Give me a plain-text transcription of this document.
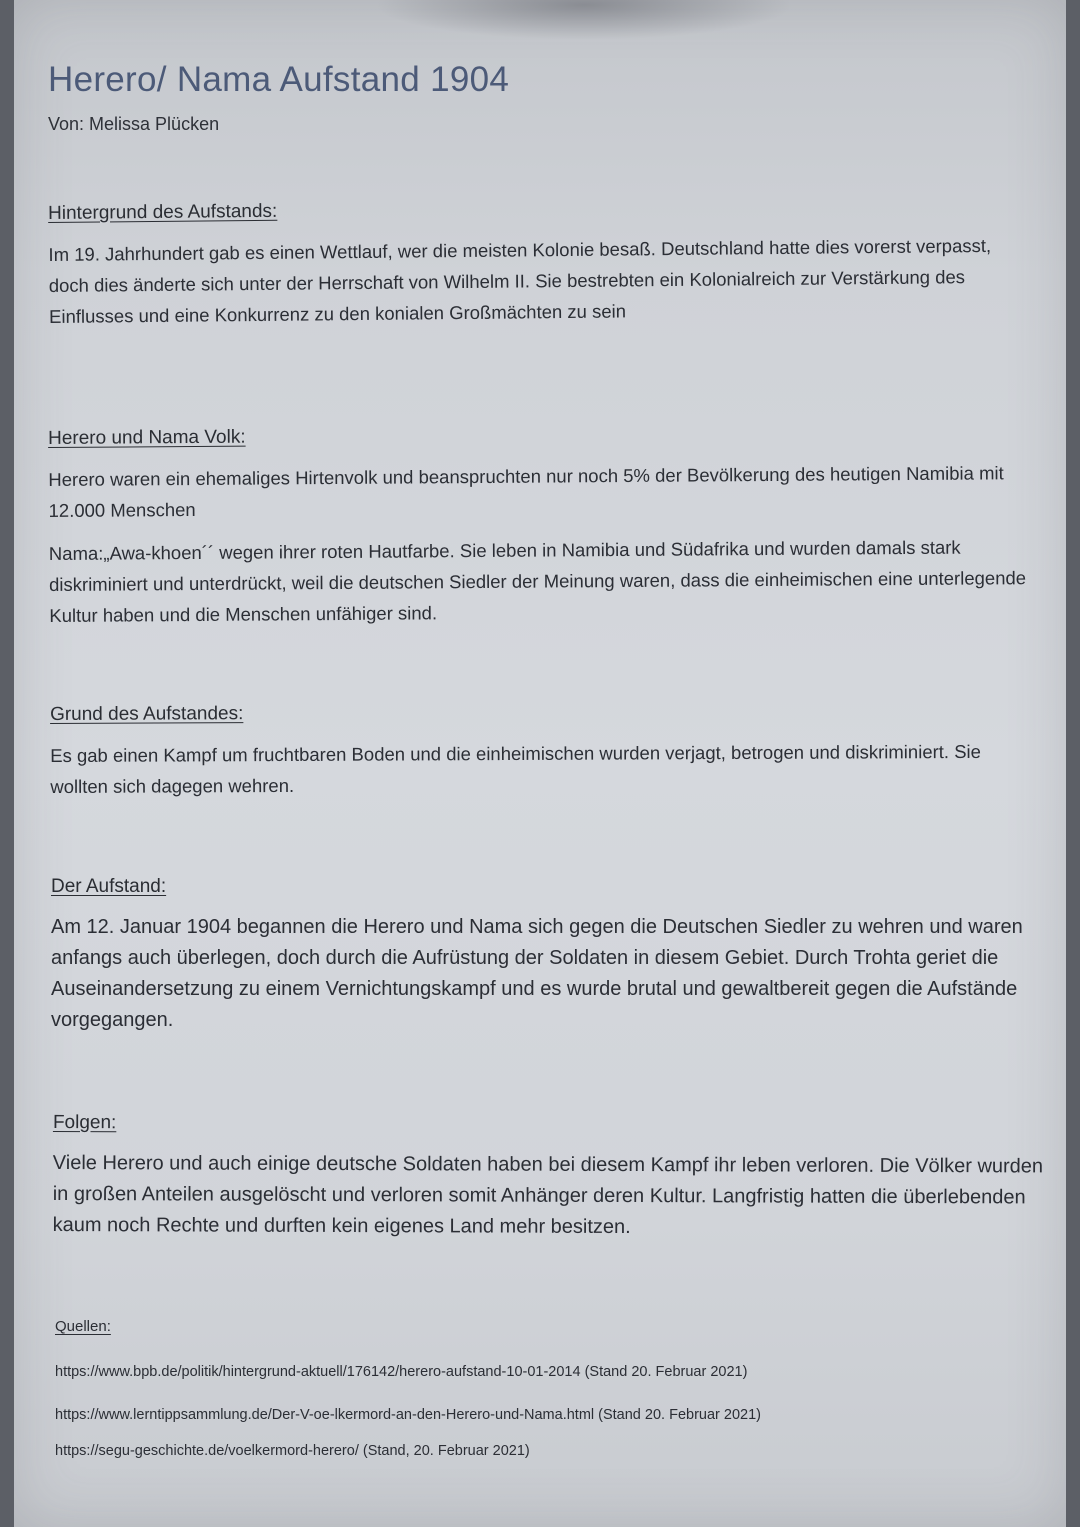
Herero/ Nama Aufstand 1904
Von: Melissa Plücken
Hintergrund des Aufstands:

Im 19. Jahrhundert gab es einen Wettlauf, wer die meisten Kolonie besaß. Deutschland hatte dies vorerst verpasst, doch dies änderte sich unter der Herrschaft von Wilhelm II. Sie bestrebten ein Kolonialreich zur Verstärkung des Einflusses und eine Konkurrenz zu den konialen Großmächten zu sein

Herero und Nama Volk:

Herero waren ein ehemaliges Hirtenvolk und beanspruchten nur noch 5% der Bevölkerung des heutigen Namibia mit 12.000 Menschen

Nama:„Awa-khoen´´ wegen ihrer roten Hautfarbe. Sie leben in Namibia und Südafrika und wurden damals stark diskriminiert und unterdrückt, weil die deutschen Siedler der Meinung waren, dass die einheimischen eine unterlegende Kultur haben und die Menschen unfähiger sind.

Grund des Aufstandes:

Es gab einen Kampf um fruchtbaren Boden und die einheimischen wurden verjagt, betrogen und diskriminiert. Sie wollten sich dagegen wehren.

Der Aufstand:

Am 12. Januar 1904 begannen die Herero und Nama sich gegen die Deutschen Siedler zu wehren und waren anfangs auch überlegen, doch durch die Aufrüstung der Soldaten in diesem Gebiet. Durch Trohta geriet die Auseinandersetzung zu einem Vernichtungskampf und es wurde brutal und gewaltbereit gegen die Aufstände vorgegangen.

Folgen:

Viele Herero und auch einige deutsche Soldaten haben bei diesem Kampf ihr leben verloren. Die Völker wurden in großen Anteilen ausgelöscht und verloren somit Anhänger deren Kultur. Langfristig hatten die überlebenden kaum noch Rechte und durften kein eigenes Land mehr besitzen.

Quellen:
https://www.bpb.de/politik/hintergrund-aktuell/176142/herero-aufstand-10-01-2014 (Stand 20. Februar 2021)
https://www.lerntippsammlung.de/Der-V-oe-lkermord-an-den-Herero-und-Nama.html (Stand 20. Februar 2021)
https://segu-geschichte.de/voelkermord-herero/ (Stand, 20. Februar 2021)
